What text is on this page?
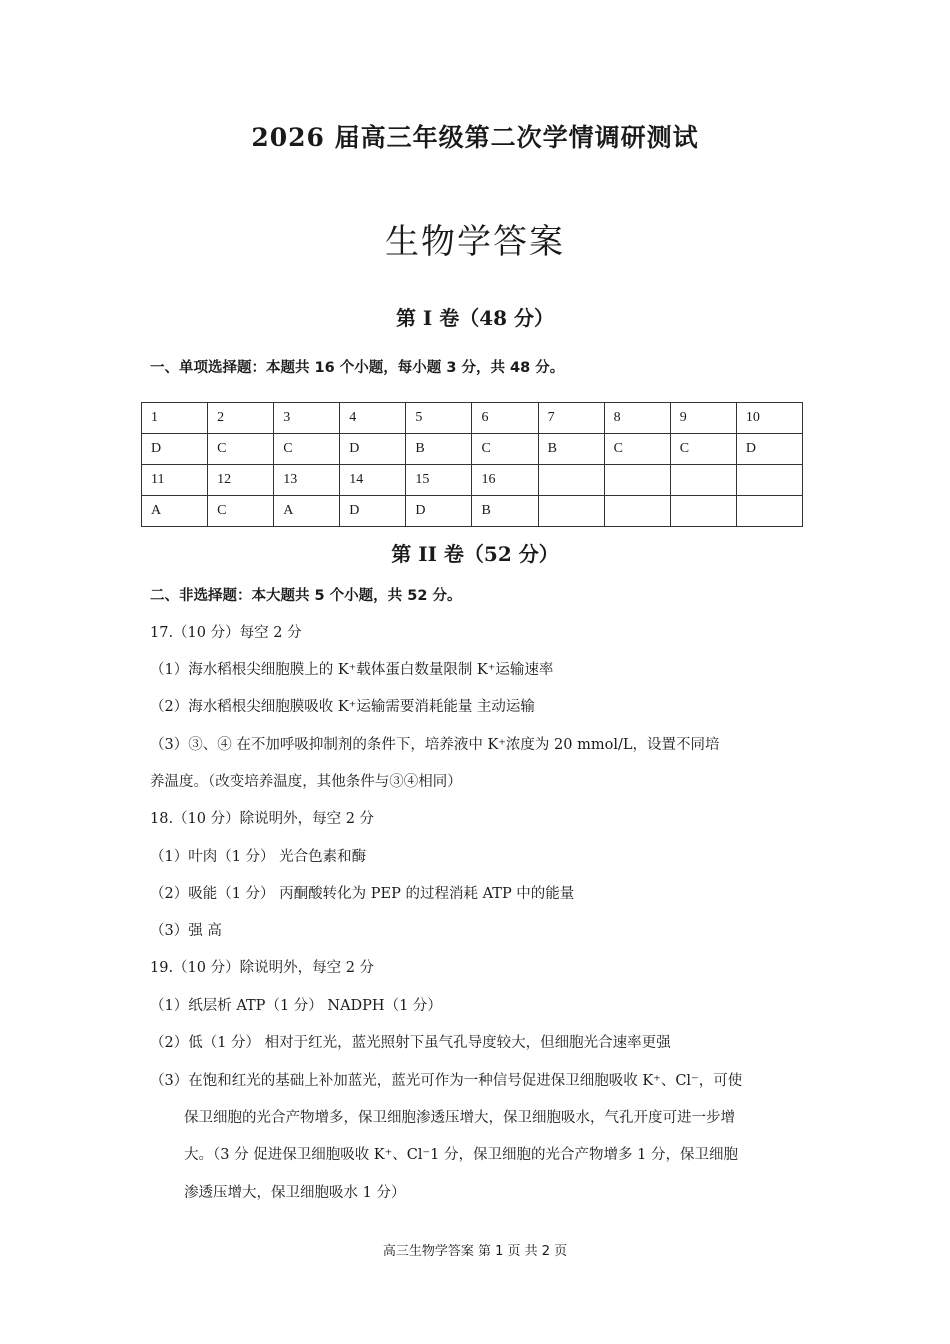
2026 届高三年级第二次学情调研测试
生物学答案
第 I 卷（48 分）
一、单项选择题：本题共 16 个小题，每小题 3 分，共 48 分。
1	2	3	4	5	6	7	8	9	10
D	C	C	D	B	C	B	C	C	D
11	12	13	14	15	16				
A	C	A	D	D	B				
第 II 卷（52 分）
二、非选择题：本大题共 5 个小题，共 52 分。
17.（10 分）每空 2 分
（1）海水稻根尖细胞膜上的 K⁺载体蛋白数量限制 K⁺运输速率
（2）海水稻根尖细胞膜吸收 K⁺运输需要消耗能量 主动运输
（3）③、④ 在不加呼吸抑制剂的条件下，培养液中 K⁺浓度为 20 mmol/L，设置不同培
养温度。（改变培养温度，其他条件与③④相同）
18.（10 分）除说明外，每空 2 分
（1）叶肉（1 分） 光合色素和酶
（2）吸能（1 分） 丙酮酸转化为 PEP 的过程消耗 ATP 中的能量
（3）强 高
19.（10 分）除说明外，每空 2 分
（1）纸层析 ATP（1 分） NADPH（1 分）
（2）低（1 分） 相对于红光，蓝光照射下虽气孔导度较大，但细胞光合速率更强
（3）在饱和红光的基础上补加蓝光，蓝光可作为一种信号促进保卫细胞吸收 K⁺、Cl⁻，可使
保卫细胞的光合产物增多，保卫细胞渗透压增大，保卫细胞吸水，气孔开度可进一步增
大。（3 分 促进保卫细胞吸收 K⁺、Cl⁻1 分，保卫细胞的光合产物增多 1 分，保卫细胞
渗透压增大，保卫细胞吸水 1 分）
高三生物学答案 第 1 页 共 2 页
